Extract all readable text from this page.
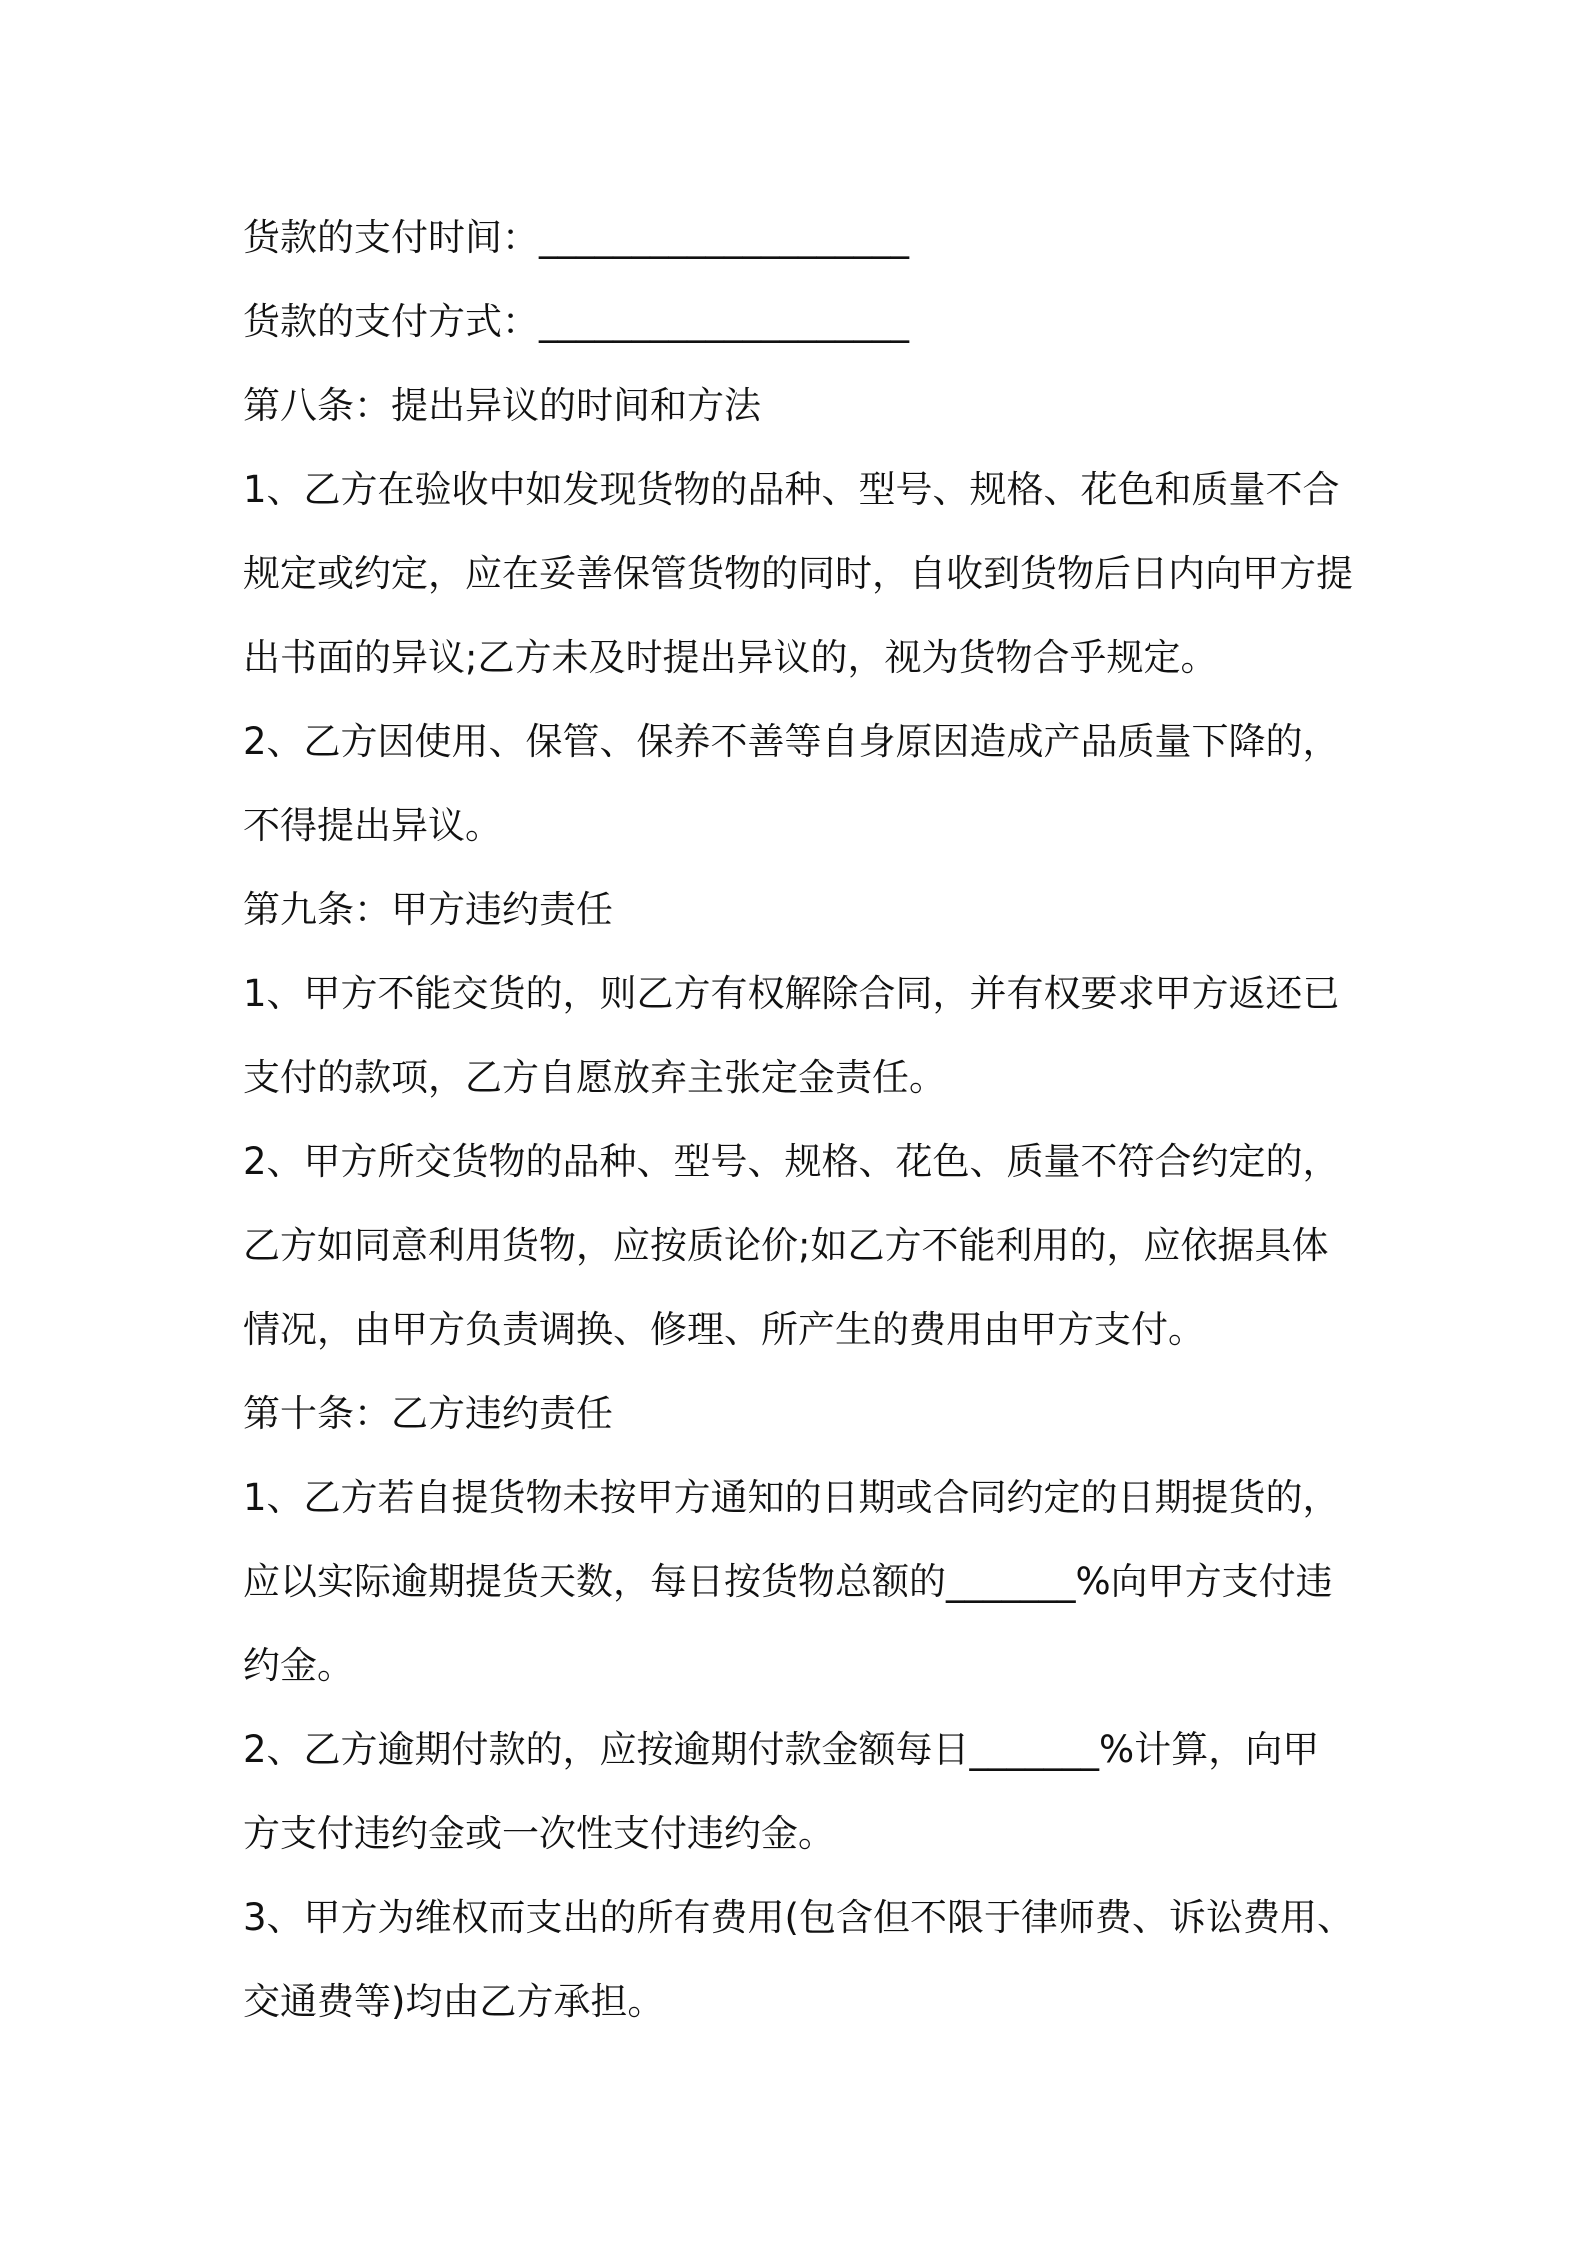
货款的支付时间：____________________
货款的支付方式：____________________
第八条：提出异议的时间和方法
1、乙方在验收中如发现货物的品种、型号、规格、花色和质量不合
规定或约定，应在妥善保管货物的同时，自收到货物后日内向甲方提
出书面的异议;乙方未及时提出异议的，视为货物合乎规定。
2、乙方因使用、保管、保养不善等自身原因造成产品质量下降的，
不得提出异议。
第九条：甲方违约责任
1、甲方不能交货的，则乙方有权解除合同，并有权要求甲方返还已
支付的款项，乙方自愿放弃主张定金责任。
2、甲方所交货物的品种、型号、规格、花色、质量不符合约定的，
乙方如同意利用货物，应按质论价;如乙方不能利用的，应依据具体
情况，由甲方负责调换、修理、所产生的费用由甲方支付。
第十条：乙方违约责任
1、乙方若自提货物未按甲方通知的日期或合同约定的日期提货的，
应以实际逾期提货天数，每日按货物总额的_______%向甲方支付违
约金。
2、乙方逾期付款的，应按逾期付款金额每日_______%计算，向甲
方支付违约金或一次性支付违约金。
3、甲方为维权而支出的所有费用(包含但不限于律师费、诉讼费用、
交通费等)均由乙方承担。
